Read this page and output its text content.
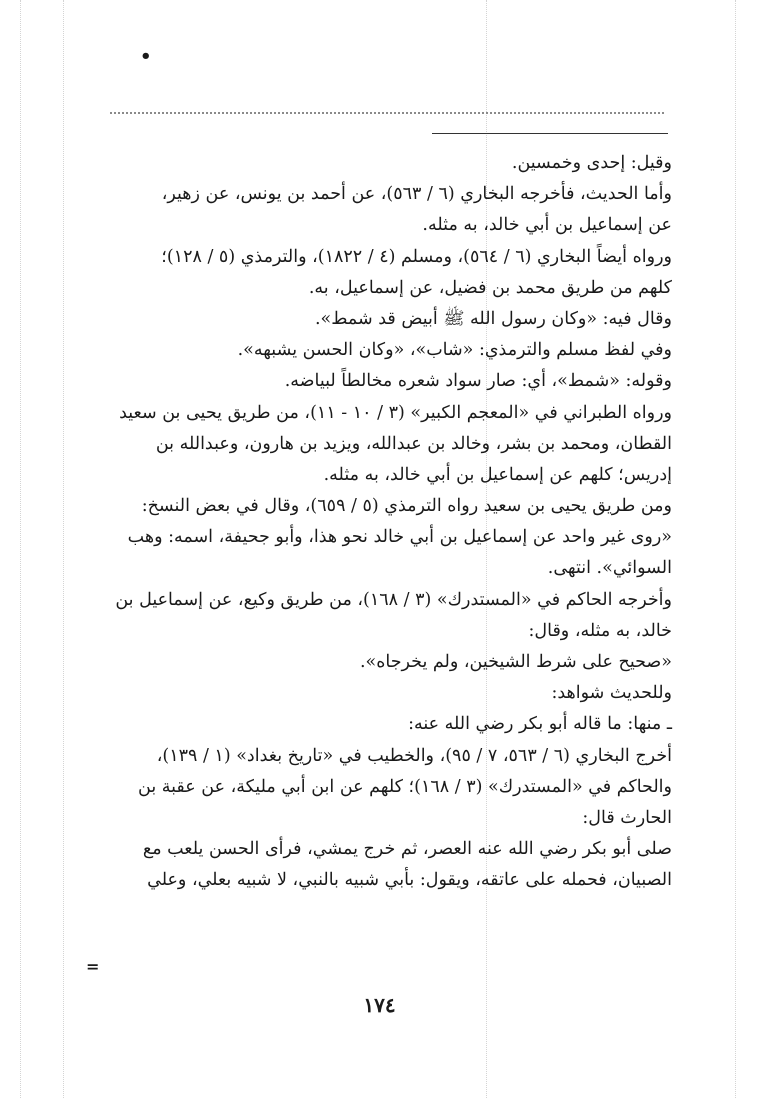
•
وقيل: إحدى وخمسين.
وأما الحديث، فأخرجه البخاري (٦ / ٥٦٣)، عن أحمد بن يونس، عن زهير،
عن إسماعيل بن أبي خالد، به مثله.
ورواه أيضاً البخاري (٦ / ٥٦٤)، ومسلم (٤ / ١٨٢٢)، والترمذي (٥ / ١٢٨)؛
كلهم من طريق محمد بن فضيل، عن إسماعيل، به.
وقال فيه: «وكان رسول الله ﷺ أبيض قد شمط».
وفي لفظ مسلم والترمذي: «شاب»، «وكان الحسن يشبهه».
وقوله: «شمط»، أي: صار سواد شعره مخالطاً لبياضه.
ورواه الطبراني في «المعجم الكبير» (٣ / ١٠ - ١١)، من طريق يحيى بن سعيد
القطان، ومحمد بن بشر، وخالد بن عبدالله، ويزيد بن هارون، وعبدالله بن
إدريس؛ كلهم عن إسماعيل بن أبي خالد، به مثله.
ومن طريق يحيى بن سعيد رواه الترمذي (٥ / ٦٥٩)، وقال في بعض النسخ:
«روى غير واحد عن إسماعيل بن أبي خالد نحو هذا، وأبو جحيفة، اسمه: وهب
السوائي». انتهى.
وأخرجه الحاكم في «المستدرك» (٣ / ١٦٨)، من طريق وكيع، عن إسماعيل بن
خالد، به مثله، وقال:
«صحيح على شرط الشيخين، ولم يخرجاه».
وللحديث شواهد:
ـ منها: ما قاله أبو بكر رضي الله عنه:
أخرج البخاري (٦ / ٥٦٣، ٧ / ٩٥)، والخطيب في «تاريخ بغداد» (١ / ١٣٩)،
والحاكم في «المستدرك» (٣ / ١٦٨)؛ كلهم عن ابن أبي مليكة، عن عقبة بن
الحارث قال:
صلى أبو بكر رضي الله عنه العصر، ثم خرج يمشي، فرأى الحسن يلعب مع
الصبيان، فحمله على عاتقه، ويقول: بأبي شبيه بالنبي، لا شبيه بعلي، وعلي
=
١٧٤
